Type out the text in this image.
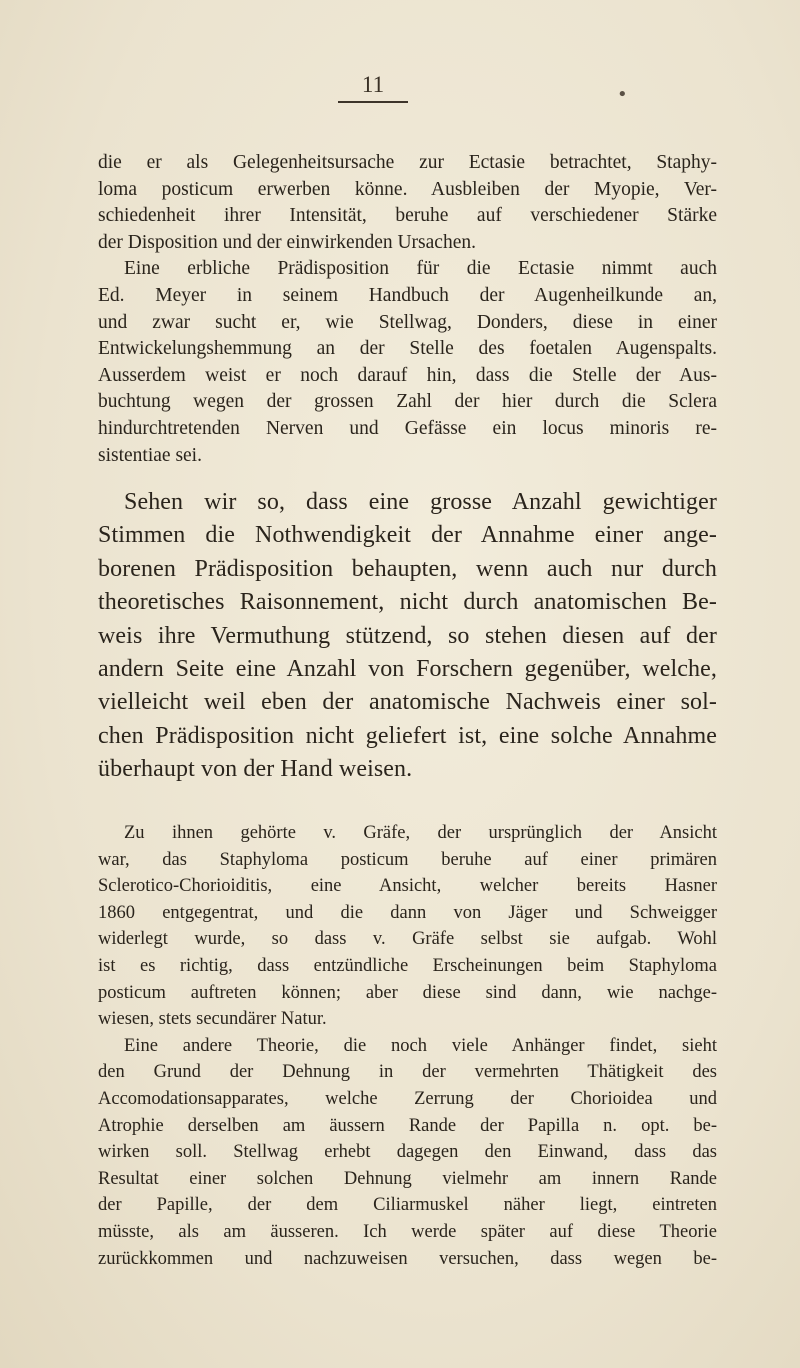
11	•
die er als Gelegenheitsursache zur Ectasie betrachtet, Staphy-
loma posticum erwerben könne. Ausbleiben der Myopie, Ver-
schiedenheit ihrer Intensität, beruhe auf verschiedener Stärke
der Disposition und der einwirkenden Ursachen.
Eine erbliche Prädisposition für die Ectasie nimmt auch
Ed. Meyer in seinem Handbuch der Augenheilkunde an,
und zwar sucht er, wie Stellwag, Donders, diese in einer
Entwickelungshemmung an der Stelle des foetalen Augenspalts.
Ausserdem weist er noch darauf hin, dass die Stelle der Aus-
buchtung wegen der grossen Zahl der hier durch die Sclera
hindurchtretenden Nerven und Gefässe ein locus minoris re-
sistentiae sei.
Sehen wir so, dass eine grosse Anzahl gewichtiger
Stimmen die Nothwendigkeit der Annahme einer ange-
borenen Prädisposition behaupten, wenn auch nur durch
theoretisches Raisonnement, nicht durch anatomischen Be-
weis ihre Vermuthung stützend, so stehen diesen auf der
andern Seite eine Anzahl von Forschern gegenüber, welche,
vielleicht weil eben der anatomische Nachweis einer sol-
chen Prädisposition nicht geliefert ist, eine solche Annahme
überhaupt von der Hand weisen.
Zu ihnen gehörte v. Gräfe, der ursprünglich der Ansicht
war, das Staphyloma posticum beruhe auf einer primären
Sclerotico-Chorioiditis, eine Ansicht, welcher bereits Hasner
1860 entgegentrat, und die dann von Jäger und Schweigger
widerlegt wurde, so dass v. Gräfe selbst sie aufgab. Wohl
ist es richtig, dass entzündliche Erscheinungen beim Staphyloma
posticum auftreten können; aber diese sind dann, wie nachge-
wiesen, stets secundärer Natur.
Eine andere Theorie, die noch viele Anhänger findet, sieht
den Grund der Dehnung in der vermehrten Thätigkeit des
Accomodationsapparates, welche Zerrung der Chorioidea und
Atrophie derselben am äussern Rande der Papilla n. opt. be-
wirken soll. Stellwag erhebt dagegen den Einwand, dass das
Resultat einer solchen Dehnung vielmehr am innern Rande
der Papille, der dem Ciliarmuskel näher liegt, eintreten
müsste, als am äusseren. Ich werde später auf diese Theorie
zurückkommen und nachzuweisen versuchen, dass wegen be-
